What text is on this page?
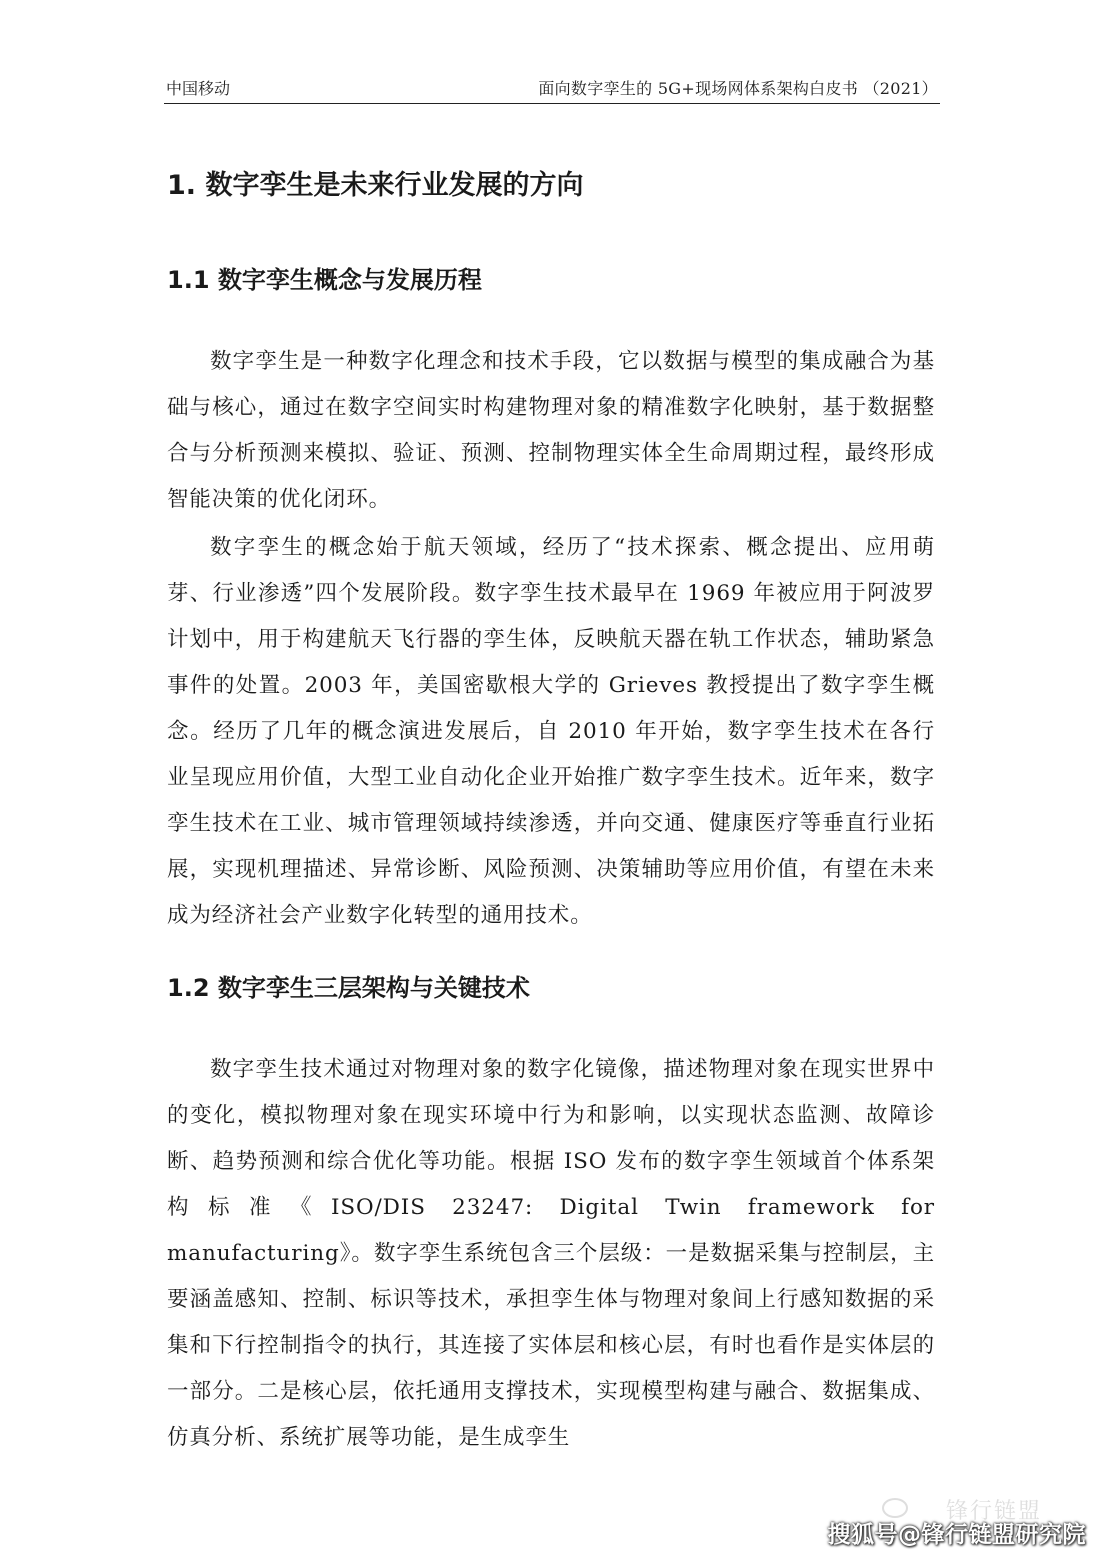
中国移动	面向数字孪生的 5G+现场网体系架构白皮书 （2021）
1. 数字孪生是未来行业发展的方向
1.1 数字孪生概念与发展历程

数字孪生是一种数字化理念和技术手段，它以数据与模型的集成融合为基础与核心，通过在数字空间实时构建物理对象的精准数字化映射，基于数据整合与分析预测来模拟、验证、预测、控制物理实体全生命周期过程，最终形成智能决策的优化闭环。

数字孪生的概念始于航天领域，经历了“技术探索、概念提出、应用萌芽、行业渗透”四个发展阶段。数字孪生技术最早在 1969 年被应用于阿波罗计划中，用于构建航天飞行器的孪生体，反映航天器在轨工作状态，辅助紧急事件的处置。2003 年，美国密歇根大学的 Grieves 教授提出了数字孪生概念。经历了几年的概念演进发展后，自 2010 年开始，数字孪生技术在各行业呈现应用价值，大型工业自动化企业开始推广数字孪生技术。近年来，数字孪生技术在工业、城市管理领域持续渗透，并向交通、健康医疗等垂直行业拓展，实现机理描述、异常诊断、风险预测、决策辅助等应用价值，有望在未来成为经济社会产业数字化转型的通用技术。

1.2 数字孪生三层架构与关键技术

数字孪生技术通过对物理对象的数字化镜像，描述物理对象在现实世界中的变化，模拟物理对象在现实环境中行为和影响，以实现状态监测、故障诊断、趋势预测和综合优化等功能。根据 ISO 发布的数字孪生领域首个体系架构标准《ISO/DIS 23247: Digital Twin framework for manufacturing》。数字孪生系统包含三个层级：一是数据采集与控制层，主要涵盖感知、控制、标识等技术，承担孪生体与物理对象间上行感知数据的采集和下行控制指令的执行，其连接了实体层和核心层，有时也看作是实体层的一部分。二是核心层，依托通用支撑技术，实现模型构建与融合、数据集成、仿真分析、系统扩展等功能，是生成孪生

锋行链盟
搜狐号@锋行链盟研究院
